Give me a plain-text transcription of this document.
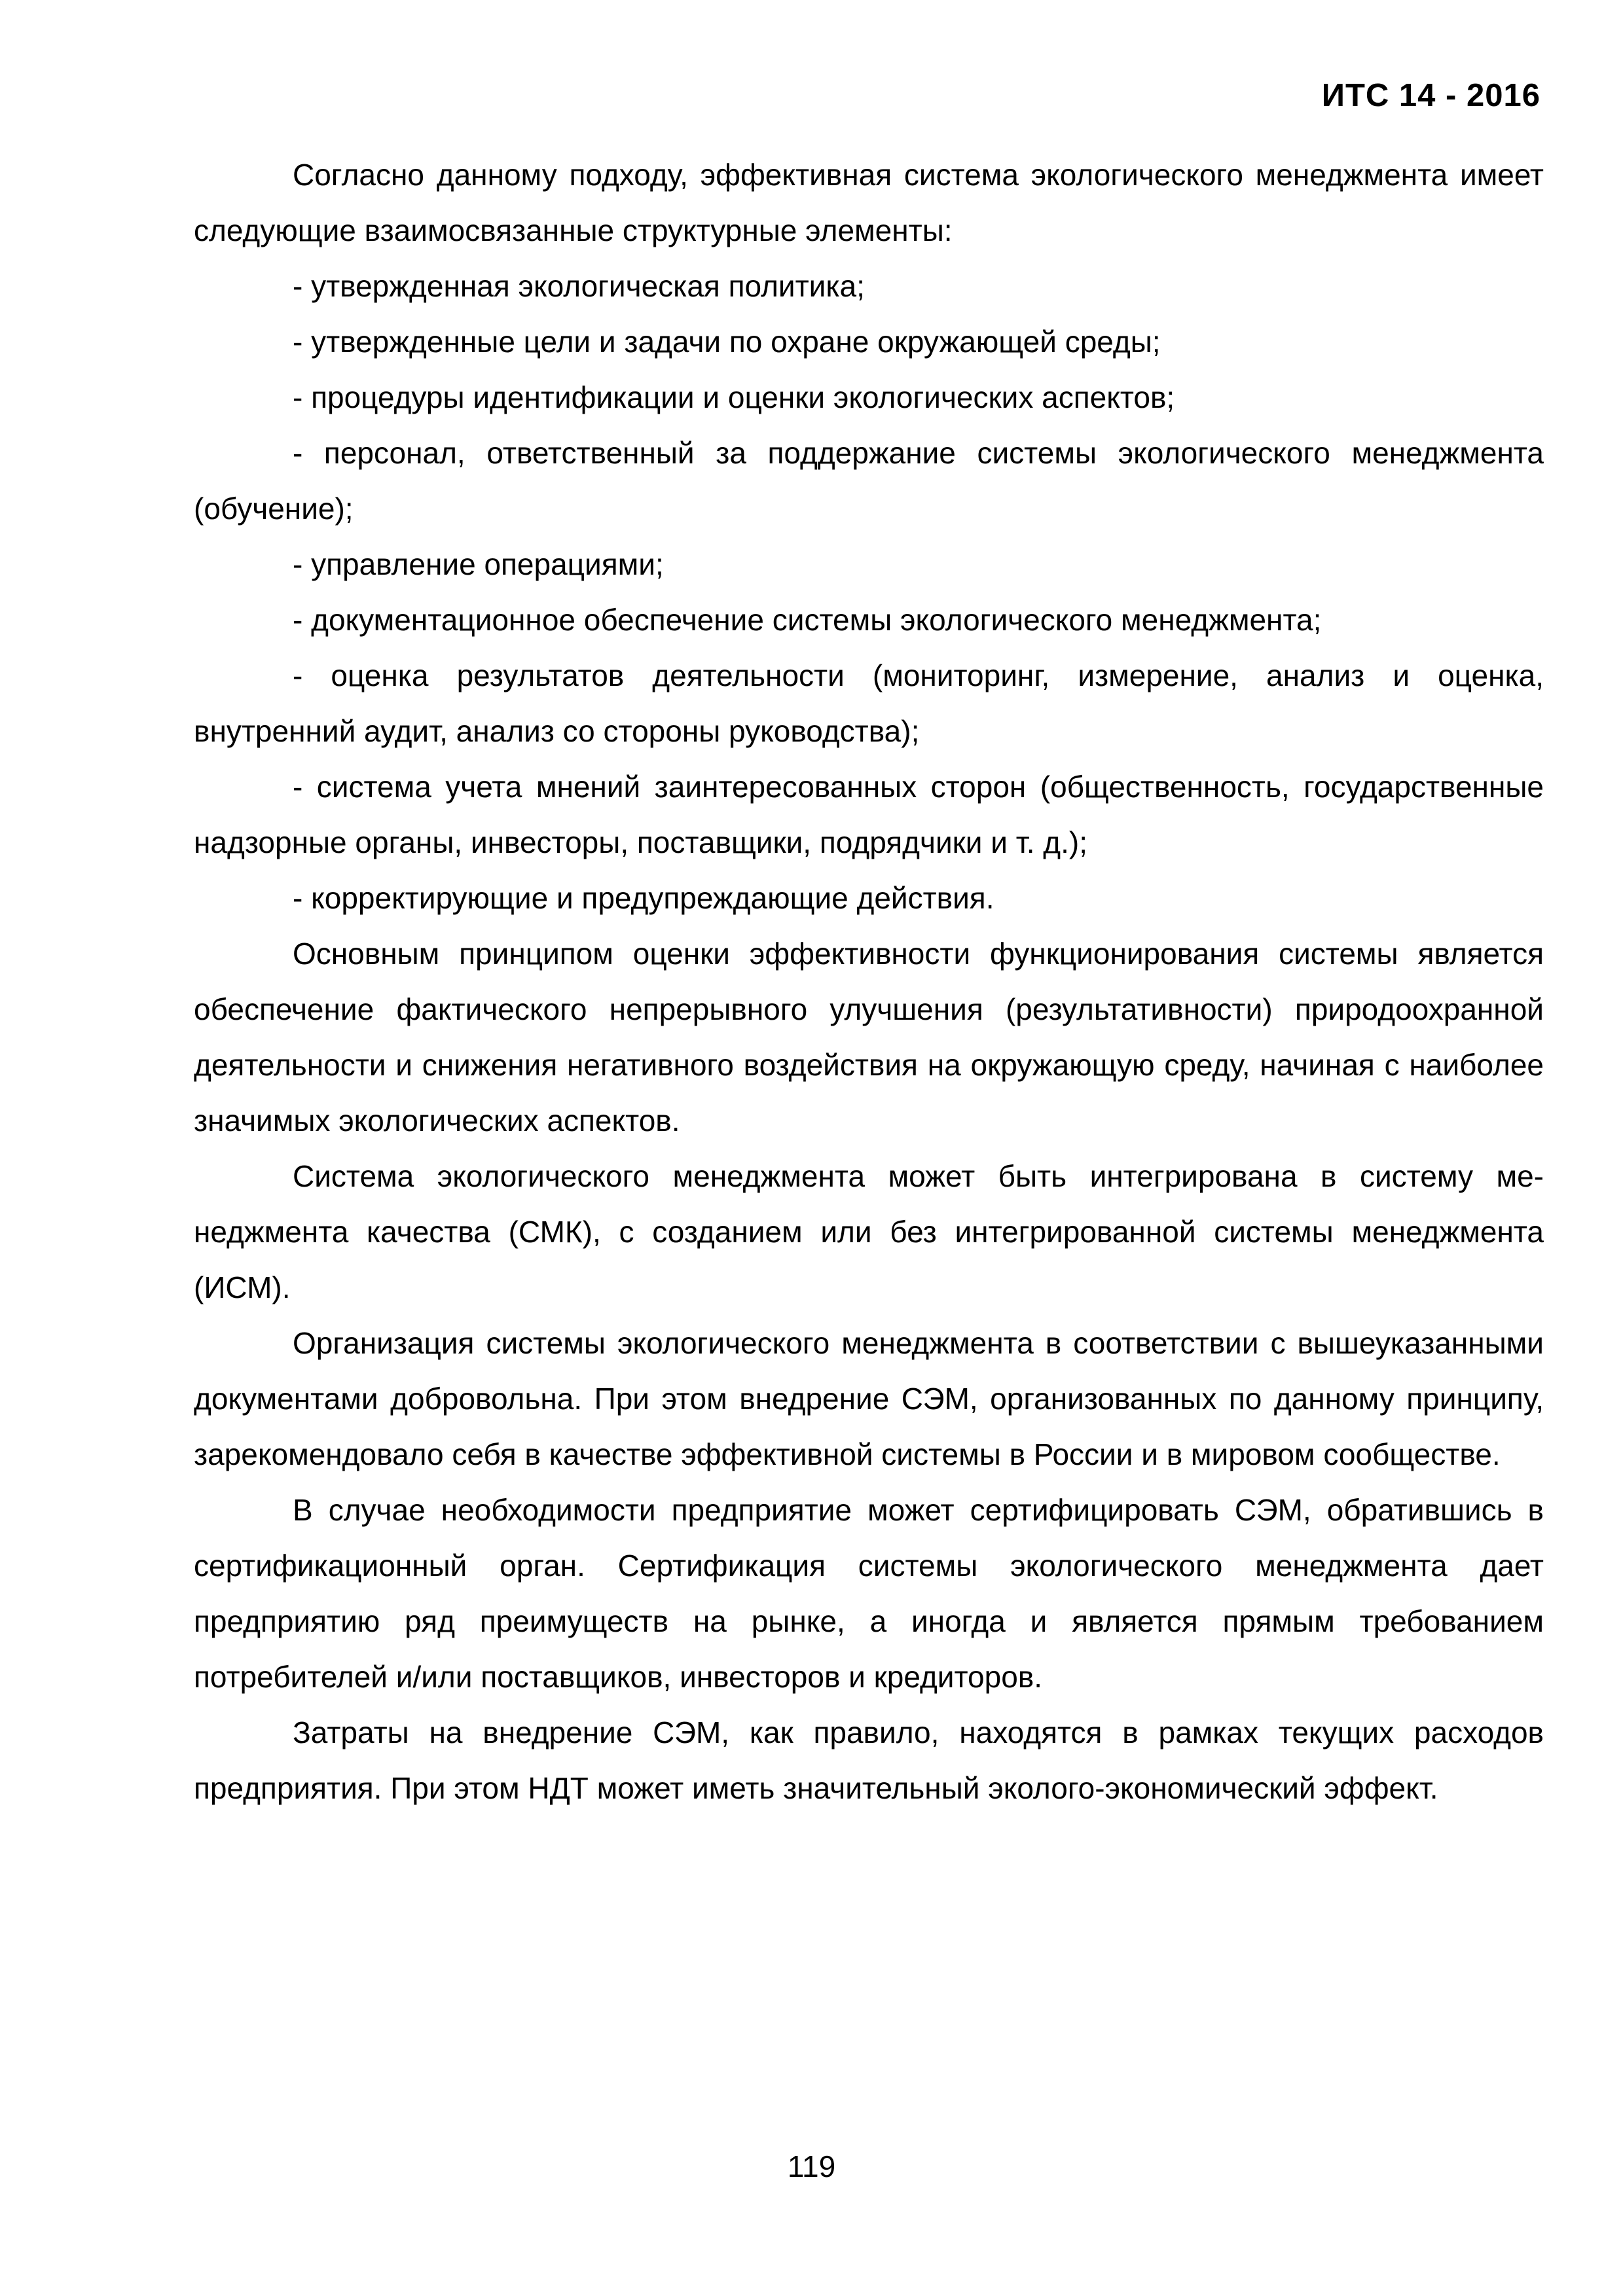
ИТС 14 - 2016

Согласно данному подходу, эффективная система экологического менеджмента имеет следующие взаимосвязанные структурные элементы:

- утвержденная экологическая политика;

- утвержденные цели и задачи по охране окружающей среды;

- процедуры идентификации и оценки экологических аспектов;

- персонал, ответственный за поддержание системы экологического менеджмента (обучение);

- управление операциями;

- документационное обеспечение системы экологического менеджмента;

- оценка результатов деятельности (мониторинг, измерение, анализ и оценка, внутренний аудит, анализ со стороны руководства);

- система учета мнений заинтересованных сторон (общественность, государственные надзорные органы, инвесторы, поставщики, подрядчики и т. д.);

- корректирующие и предупреждающие действия.

Основным принципом оценки эффективности функционирования системы является обеспечение фактического непрерывного улучшения (результативности) природоохранной деятельности и снижения негативного воздействия на окружающую среду, начиная с наиболее значимых экологических аспектов.

Система экологического менеджмента может быть интегрирована в систему менеджмента качества (СМК), с созданием или без интегрированной системы менеджмента (ИСМ).

Организация системы экологического менеджмента в соответствии с вышеуказанными документами добровольна. При этом внедрение СЭМ, организованных по данному принципу, зарекомендовало себя в качестве эффективной системы в России и в мировом сообществе.

В случае необходимости предприятие может сертифицировать СЭМ, обратившись в сертификационный орган. Сертификация системы экологического менеджмента дает предприятию ряд преимуществ на рынке, а иногда и является прямым требованием потребителей и/или поставщиков, инвесторов и кредиторов.

Затраты на внедрение СЭМ, как правило, находятся в рамках текущих расходов предприятия. При этом НДТ может иметь значительный эколого-экономический эффект.

119
